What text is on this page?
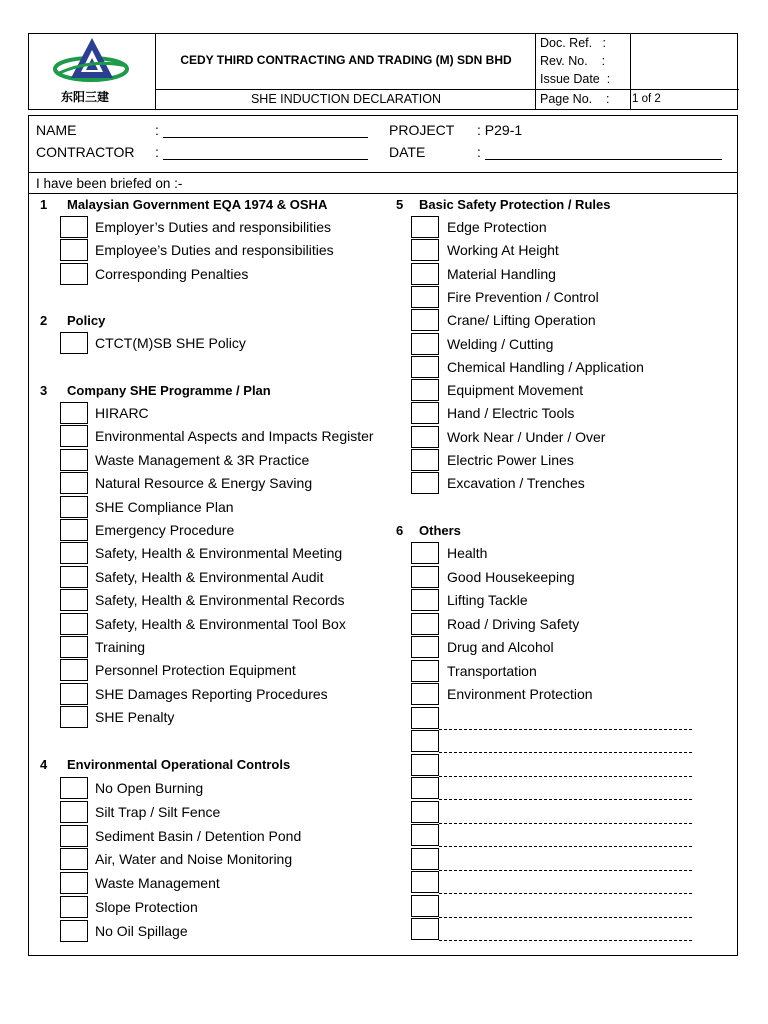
东阳三建
CEDY THIRD CONTRACTING AND TRADING (M) SDN BHD
SHE INDUCTION DECLARATION
Doc. Ref.   :
Rev. No.    :
Issue Date  :
Page No.    : 1 of 2
NAME	:
CONTRACTOR :
PROJECT : P29-1
DATE	:
I have been briefed on :-
1 Malaysian Government EQA 1974 & OSHA
Employer’s Duties and responsibilities
Employee’s Duties and responsibilities
Corresponding Penalties
2 Policy
CTCT(M)SB SHE Policy
3 Company SHE Programme / Plan
HIRARC
Environmental Aspects and Impacts Register
Waste Management & 3R Practice
Natural Resource & Energy Saving
SHE Compliance Plan
Emergency Procedure
Safety, Health & Environmental Meeting
Safety, Health & Environmental Audit
Safety, Health & Environmental Records
Safety, Health & Environmental Tool Box
Training
Personnel Protection Equipment
SHE Damages Reporting Procedures
SHE Penalty
4 Environmental Operational Controls
No Open Burning
Silt Trap / Silt Fence
Sediment Basin / Detention Pond
Air, Water and Noise Monitoring
Waste Management
Slope Protection
No Oil Spillage
5 Basic Safety Protection / Rules
Edge Protection
Working At Height
Material Handling
Fire Prevention / Control
Crane/ Lifting Operation
Welding / Cutting
Chemical Handling / Application
Equipment Movement
Hand / Electric Tools
Work Near / Under / Over
Electric Power Lines
Excavation / Trenches
6 Others
Health
Good Housekeeping
Lifting Tackle
Road / Driving Safety
Drug and Alcohol
Transportation
Environment Protection
